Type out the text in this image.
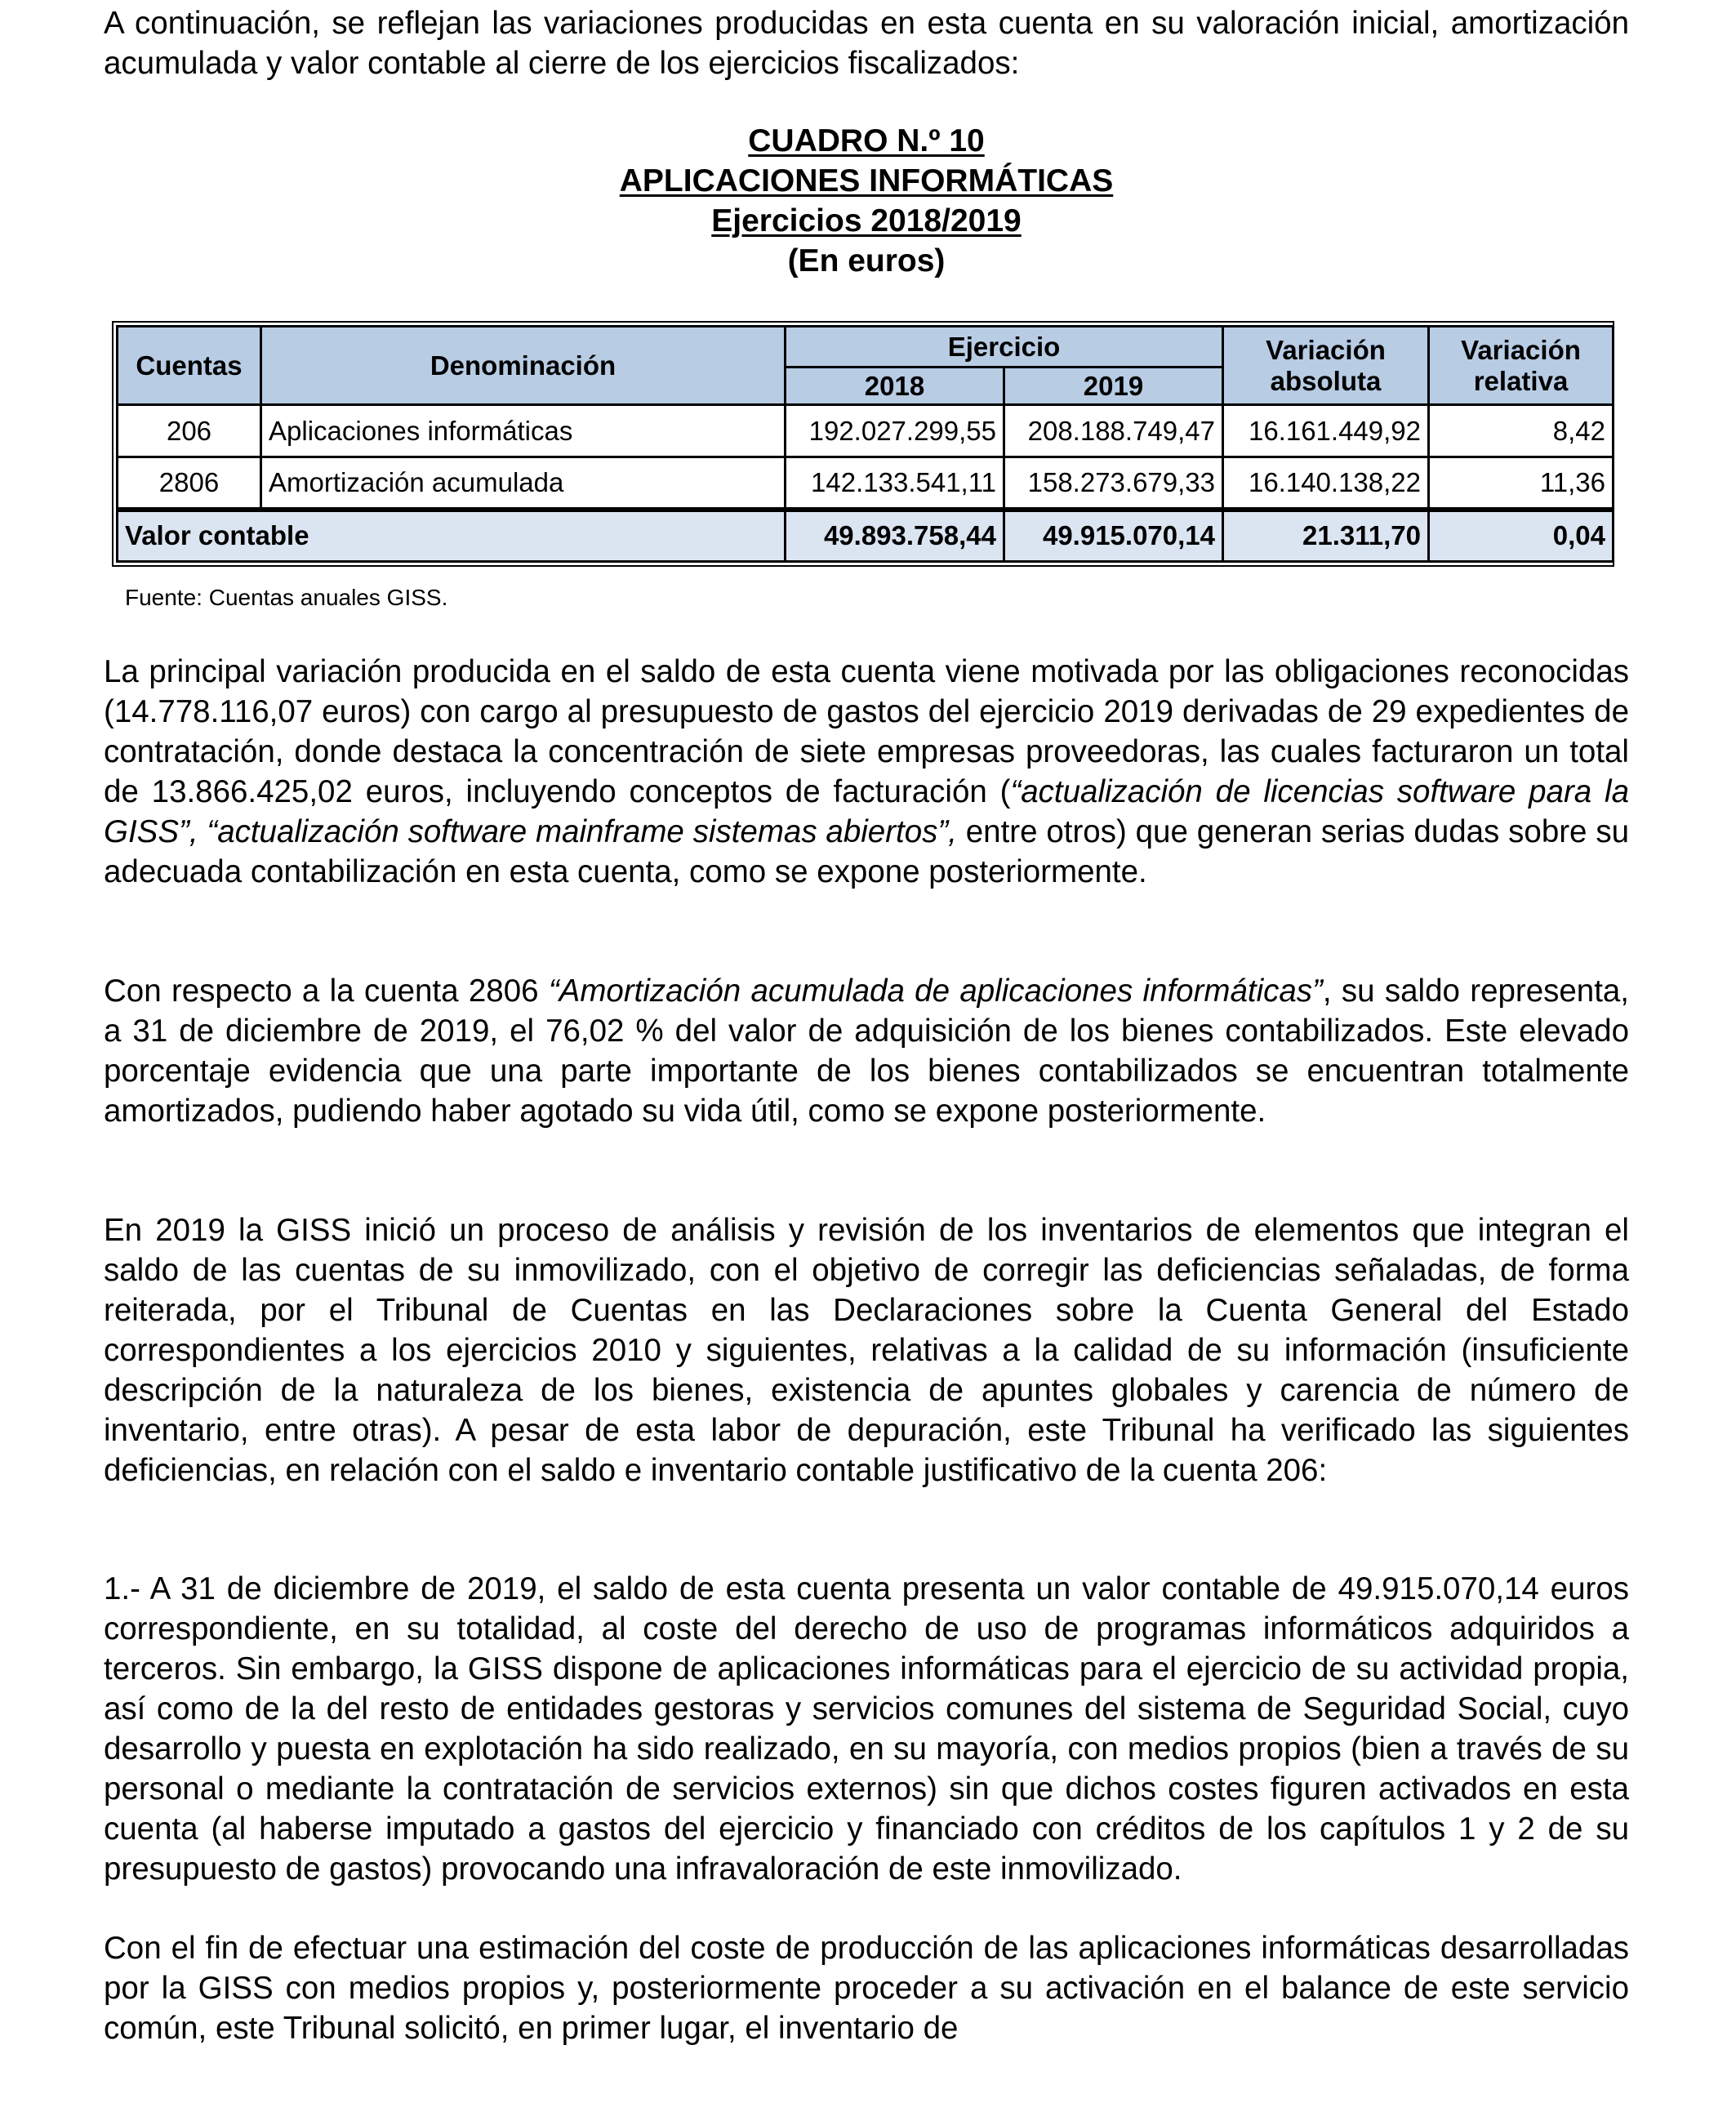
A continuación, se reflejan las variaciones producidas en esta cuenta en su valoración inicial, amortización acumulada y valor contable al cierre de los ejercicios fiscalizados:

CUADRO N.º 10
APLICACIONES INFORMÁTICAS
Ejercicios 2018/2019
(En euros)
Cuentas	Denominación	Ejercicio		Variación absoluta	Variación relativa
		2018	2019		
206	Aplicaciones informáticas	192.027.299,55	208.188.749,47	16.161.449,92	8,42
2806	Amortización acumulada	142.133.541,11	158.273.679,33	16.140.138,22	11,36
Valor contable		49.893.758,44	49.915.070,14	21.311,70	0,04
Fuente: Cuentas anuales GISS.

La principal variación producida en el saldo de esta cuenta viene motivada por las obligaciones reconocidas (14.778.116,07 euros) con cargo al presupuesto de gastos del ejercicio 2019 derivadas de 29 expedientes de contratación, donde destaca la concentración de siete empresas proveedoras, las cuales facturaron un total de 13.866.425,02 euros, incluyendo conceptos de facturación (“actualización de licencias software para la GISS”, “actualización software mainframe sistemas abiertos”, entre otros) que generan serias dudas sobre su adecuada contabilización en esta cuenta, como se expone posteriormente.

Con respecto a la cuenta 2806 “Amortización acumulada de aplicaciones informáticas”, su saldo representa, a 31 de diciembre de 2019, el 76,02 % del valor de adquisición de los bienes contabilizados. Este elevado porcentaje evidencia que una parte importante de los bienes contabilizados se encuentran totalmente amortizados, pudiendo haber agotado su vida útil, como se expone posteriormente.

En 2019 la GISS inició un proceso de análisis y revisión de los inventarios de elementos que integran el saldo de las cuentas de su inmovilizado, con el objetivo de corregir las deficiencias señaladas, de forma reiterada, por el Tribunal de Cuentas en las Declaraciones sobre la Cuenta General del Estado correspondientes a los ejercicios 2010 y siguientes, relativas a la calidad de su información (insuficiente descripción de la naturaleza de los bienes, existencia de apuntes globales y carencia de número de inventario, entre otras). A pesar de esta labor de depuración, este Tribunal ha verificado las siguientes deficiencias, en relación con el saldo e inventario contable justificativo de la cuenta 206:

1.- A 31 de diciembre de 2019, el saldo de esta cuenta presenta un valor contable de 49.915.070,14 euros correspondiente, en su totalidad, al coste del derecho de uso de programas informáticos adquiridos a terceros. Sin embargo, la GISS dispone de aplicaciones informáticas para el ejercicio de su actividad propia, así como de la del resto de entidades gestoras y servicios comunes del sistema de Seguridad Social, cuyo desarrollo y puesta en explotación ha sido realizado, en su mayoría, con medios propios (bien a través de su personal o mediante la contratación de servicios externos) sin que dichos costes figuren activados en esta cuenta (al haberse imputado a gastos del ejercicio y financiado con créditos de los capítulos 1 y 2 de su presupuesto de gastos) provocando una infravaloración de este inmovilizado.

Con el fin de efectuar una estimación del coste de producción de las aplicaciones informáticas desarrolladas por la GISS con medios propios y, posteriormente proceder a su activación en el balance de este servicio común, este Tribunal solicitó, en primer lugar, el inventario de
